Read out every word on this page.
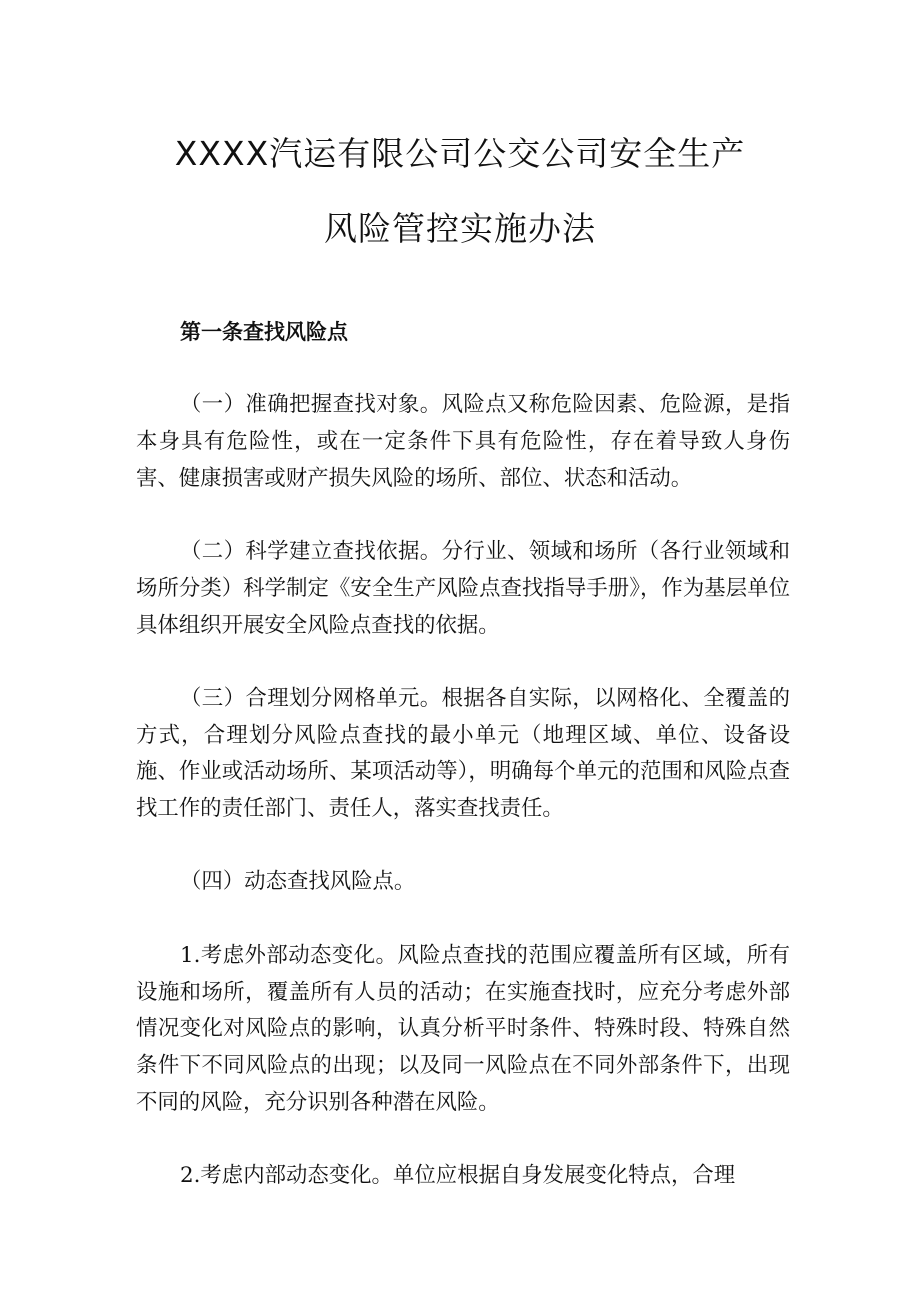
XXXX汽运有限公司公交公司安全生产
风险管控实施办法
第一条查找风险点

（一）准确把握查找对象。风险点又称危险因素、危险源，是指本身具有危险性，或在一定条件下具有危险性，存在着导致人身伤害、健康损害或财产损失风险的场所、部位、状态和活动。

（二）科学建立查找依据。分行业、领域和场所（各行业领域和场所分类）科学制定《安全生产风险点查找指导手册》，作为基层单位具体组织开展安全风险点查找的依据。

（三）合理划分网格单元。根据各自实际，以网格化、全覆盖的方式，合理划分风险点查找的最小单元（地理区域、单位、设备设施、作业或活动场所、某项活动等），明确每个单元的范围和风险点查找工作的责任部门、责任人，落实查找责任。

（四）动态查找风险点。

1.考虑外部动态变化。风险点查找的范围应覆盖所有区域，所有设施和场所，覆盖所有人员的活动；在实施查找时，应充分考虑外部情况变化对风险点的影响，认真分析平时条件、特殊时段、特殊自然条件下不同风险点的出现；以及同一风险点在不同外部条件下，出现不同的风险，充分识别各种潜在风险。

2.考虑内部动态变化。单位应根据自身发展变化特点，合理
